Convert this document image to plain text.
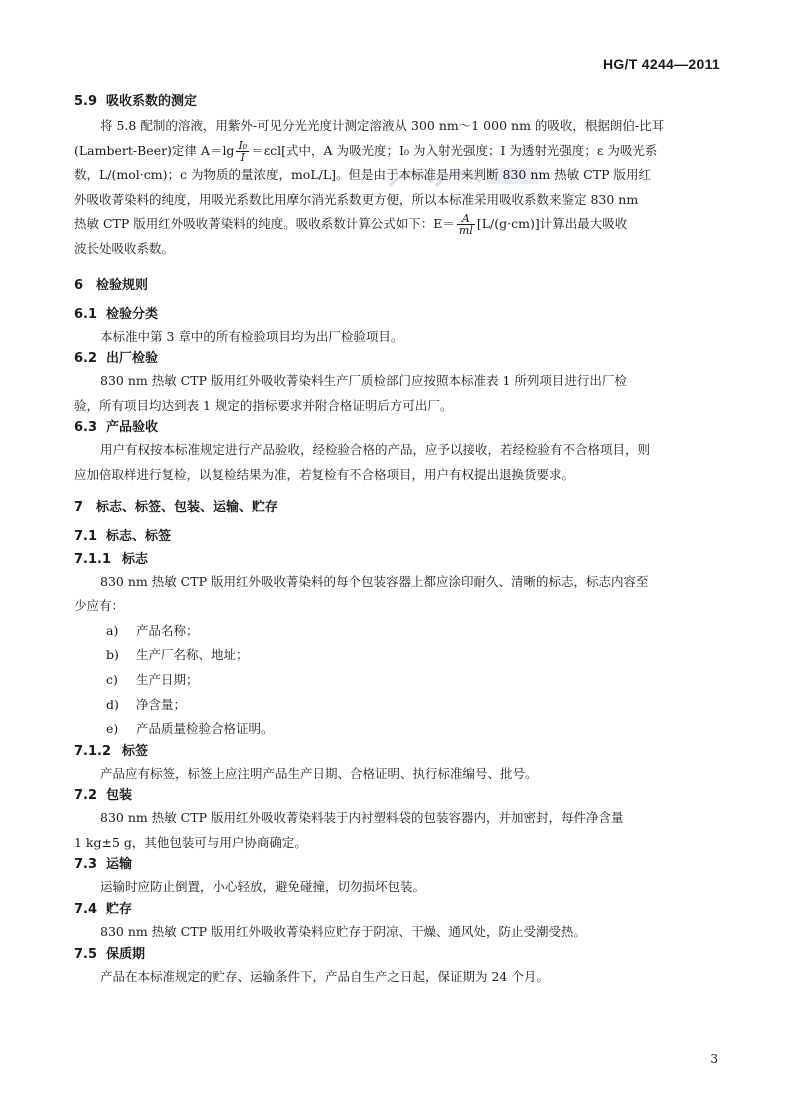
HG/T 4244—2011
5.9 吸收系数的测定

将 5.8 配制的溶液，用紫外-可见分光光度计测定溶液从 300 nm～1 000 nm 的吸收，根据朗伯-比耳

(Lambert-Beer)定律 $A=\lg \frac{\text{I₀}}{I} =\varepsilon cl$[式中，A 为吸光度；I₀ 为入射光强度；I 为透射光强度；ε 为吸光系

数，L/(mol·cm)；c 为物质的量浓度，moL/L]。但是由于本标准是用来判断 830 nm 热敏 CTP 版用红

外吸收菁染料的纯度，用吸光系数比用摩尔消光系数更方便，所以本标准采用吸收系数来鉴定 830 nm

热敏 CTP 版用红外吸收菁染料的纯度。吸收系数计算公式如下：$E= \frac{A}{ml} [L/(g\cdot cm)]$计算出最大吸收

波长处吸收系数。

6 检验规则
6.1 检验分类

本标准中第 3 章中的所有检验项目均为出厂检验项目。

6.2 出厂检验

830 nm 热敏 CTP 版用红外吸收菁染料生产厂质检部门应按照本标准表 1 所列项目进行出厂检

验，所有项目均达到表 1 规定的指标要求并附合格证明后方可出厂。

6.3 产品验收

用户有权按本标准规定进行产品验收，经检验合格的产品，应予以接收，若经检验有不合格项目，则

应加倍取样进行复检，以复检结果为准，若复检有不合格项目，用户有权提出退换货要求。

7 标志、标签、包装、运输、贮存
7.1 标志、标签
7.1.1 标志

830 nm 热敏 CTP 版用红外吸收菁染料的每个包装容器上都应涂印耐久、清晰的标志，标志内容至

少应有：

a)	产品名称；
b)	生产厂名称、地址；
c)	生产日期；
d)	净含量；
e)	产品质量检验合格证明。
7.1.2 标签

产品应有标签，标签上应注明产品生产日期、合格证明、执行标准编号、批号。

7.2 包装

830 nm 热敏 CTP 版用红外吸收菁染料装于内衬塑料袋的包装容器内，并加密封，每件净含量

1 kg±5 g，其他包装可与用户协商确定。

7.3 运输

运输时应防止倒置，小心轻放，避免碰撞，切勿损坏包装。

7.4 贮存

830 nm 热敏 CTP 版用红外吸收菁染料应贮存于阴凉、干燥、通风处，防止受潮受热。

7.5 保质期

产品在本标准规定的贮存、运输条件下，产品自生产之日起，保证期为 24 个月。

3
